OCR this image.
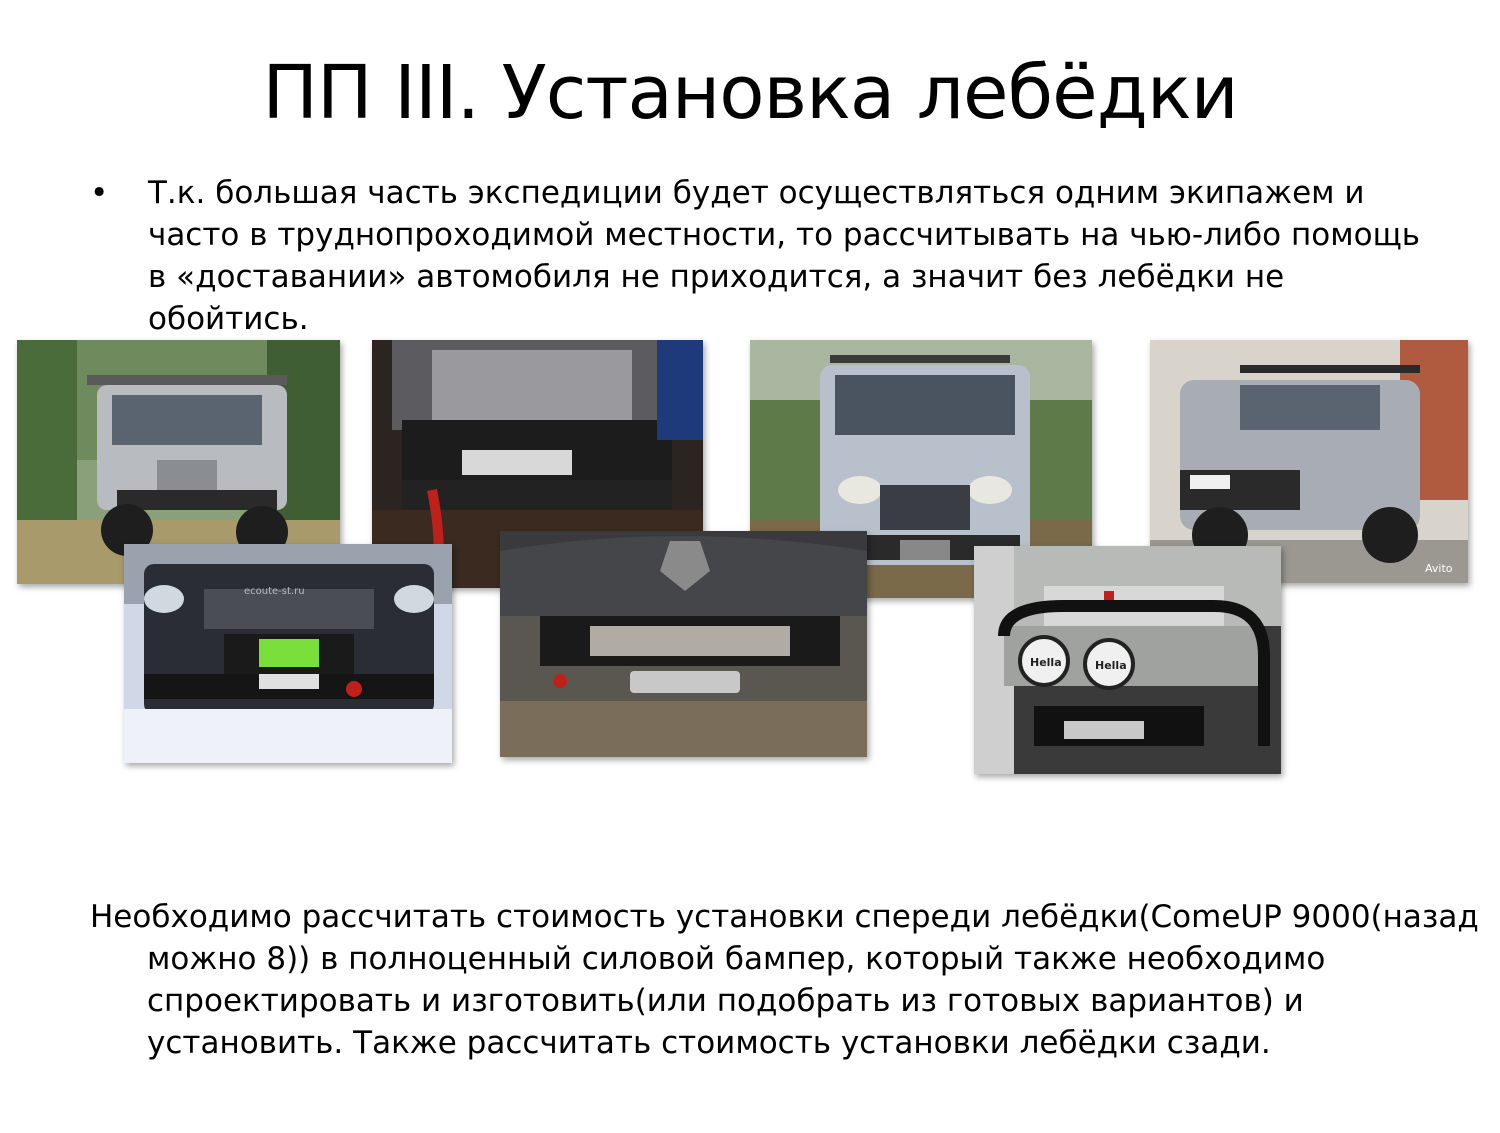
ПП III. Установка лебёдки
• Т.к. большая часть экспедиции будет осуществляться одним экипажем и часто в труднопроходимой местности, то рассчитывать на чью-либо помощь в «доставании» автомобиля не приходится, а значит без лебёдки не обойтись.
Avito
ecoute-st.ru
Hella	Hella
Необходимо рассчитать стоимость установки спереди лебёдки(ComeUP 9000(назад можно 8)) в полноценный силовой бампер, который также необходимо спроектировать и изготовить(или подобрать из готовых вариантов) и установить. Также рассчитать стоимость установки лебёдки сзади.
